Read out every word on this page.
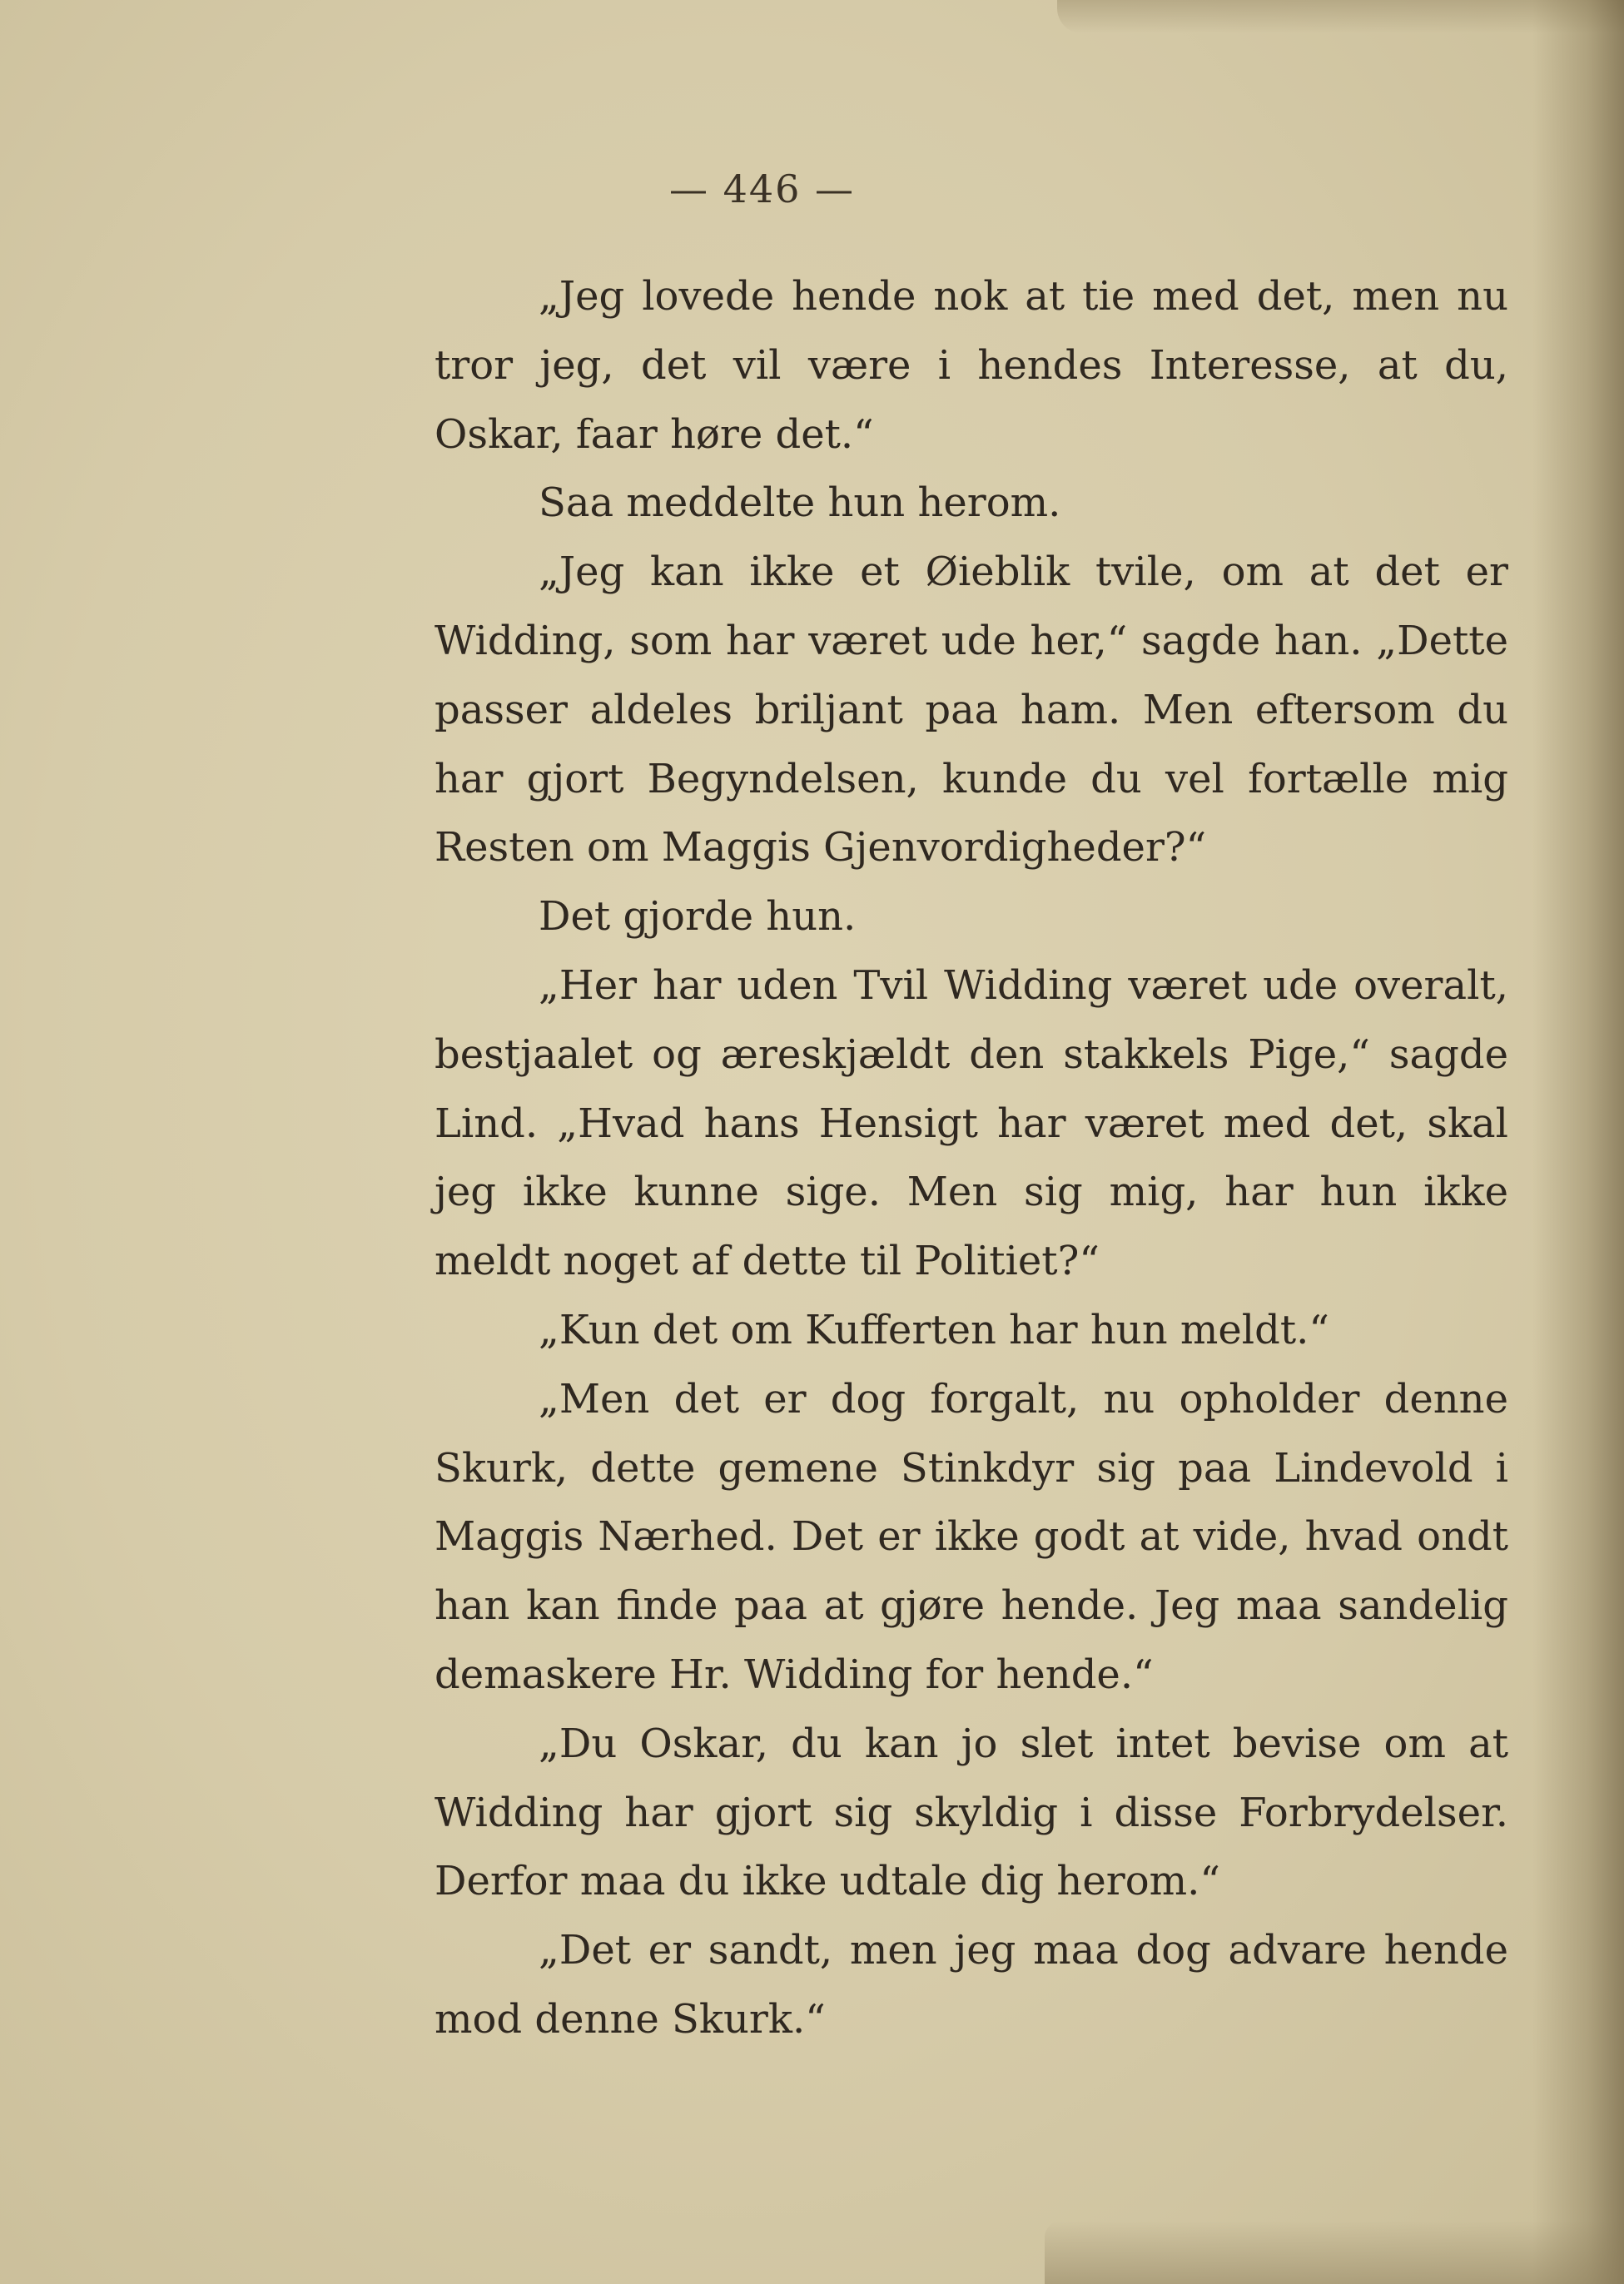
— 446 —

„Jeg lovede hende nok at tie med det, men nu tror jeg, det vil være i hendes Interesse, at du, Oskar, faar høre det.“

Saa meddelte hun herom.

„Jeg kan ikke et Øieblik tvile, om at det er Widding, som har været ude her,“ sagde han. „Dette passer aldeles briljant paa ham. Men eftersom du har gjort Begyndelsen, kunde du vel fortælle mig Resten om Maggis Gjenvordigheder?“

Det gjorde hun.

„Her har uden Tvil Widding været ude overalt, bestjaalet og æreskjældt den stakkels Pige,“ sagde Lind. „Hvad hans Hensigt har været med det, skal jeg ikke kunne sige. Men sig mig, har hun ikke meldt noget af dette til Politiet?“

„Kun det om Kufferten har hun meldt.“

„Men det er dog forgalt, nu opholder denne Skurk, dette gemene Stinkdyr sig paa Lindevold i Maggis Nærhed. Det er ikke godt at vide, hvad ondt han kan finde paa at gjøre hende. Jeg maa sandelig demaskere Hr. Widding for hende.“

„Du Oskar, du kan jo slet intet bevise om at Widding har gjort sig skyldig i disse Forbrydelser. Derfor maa du ikke udtale dig herom.“

„Det er sandt, men jeg maa dog advare hende mod denne Skurk.“
